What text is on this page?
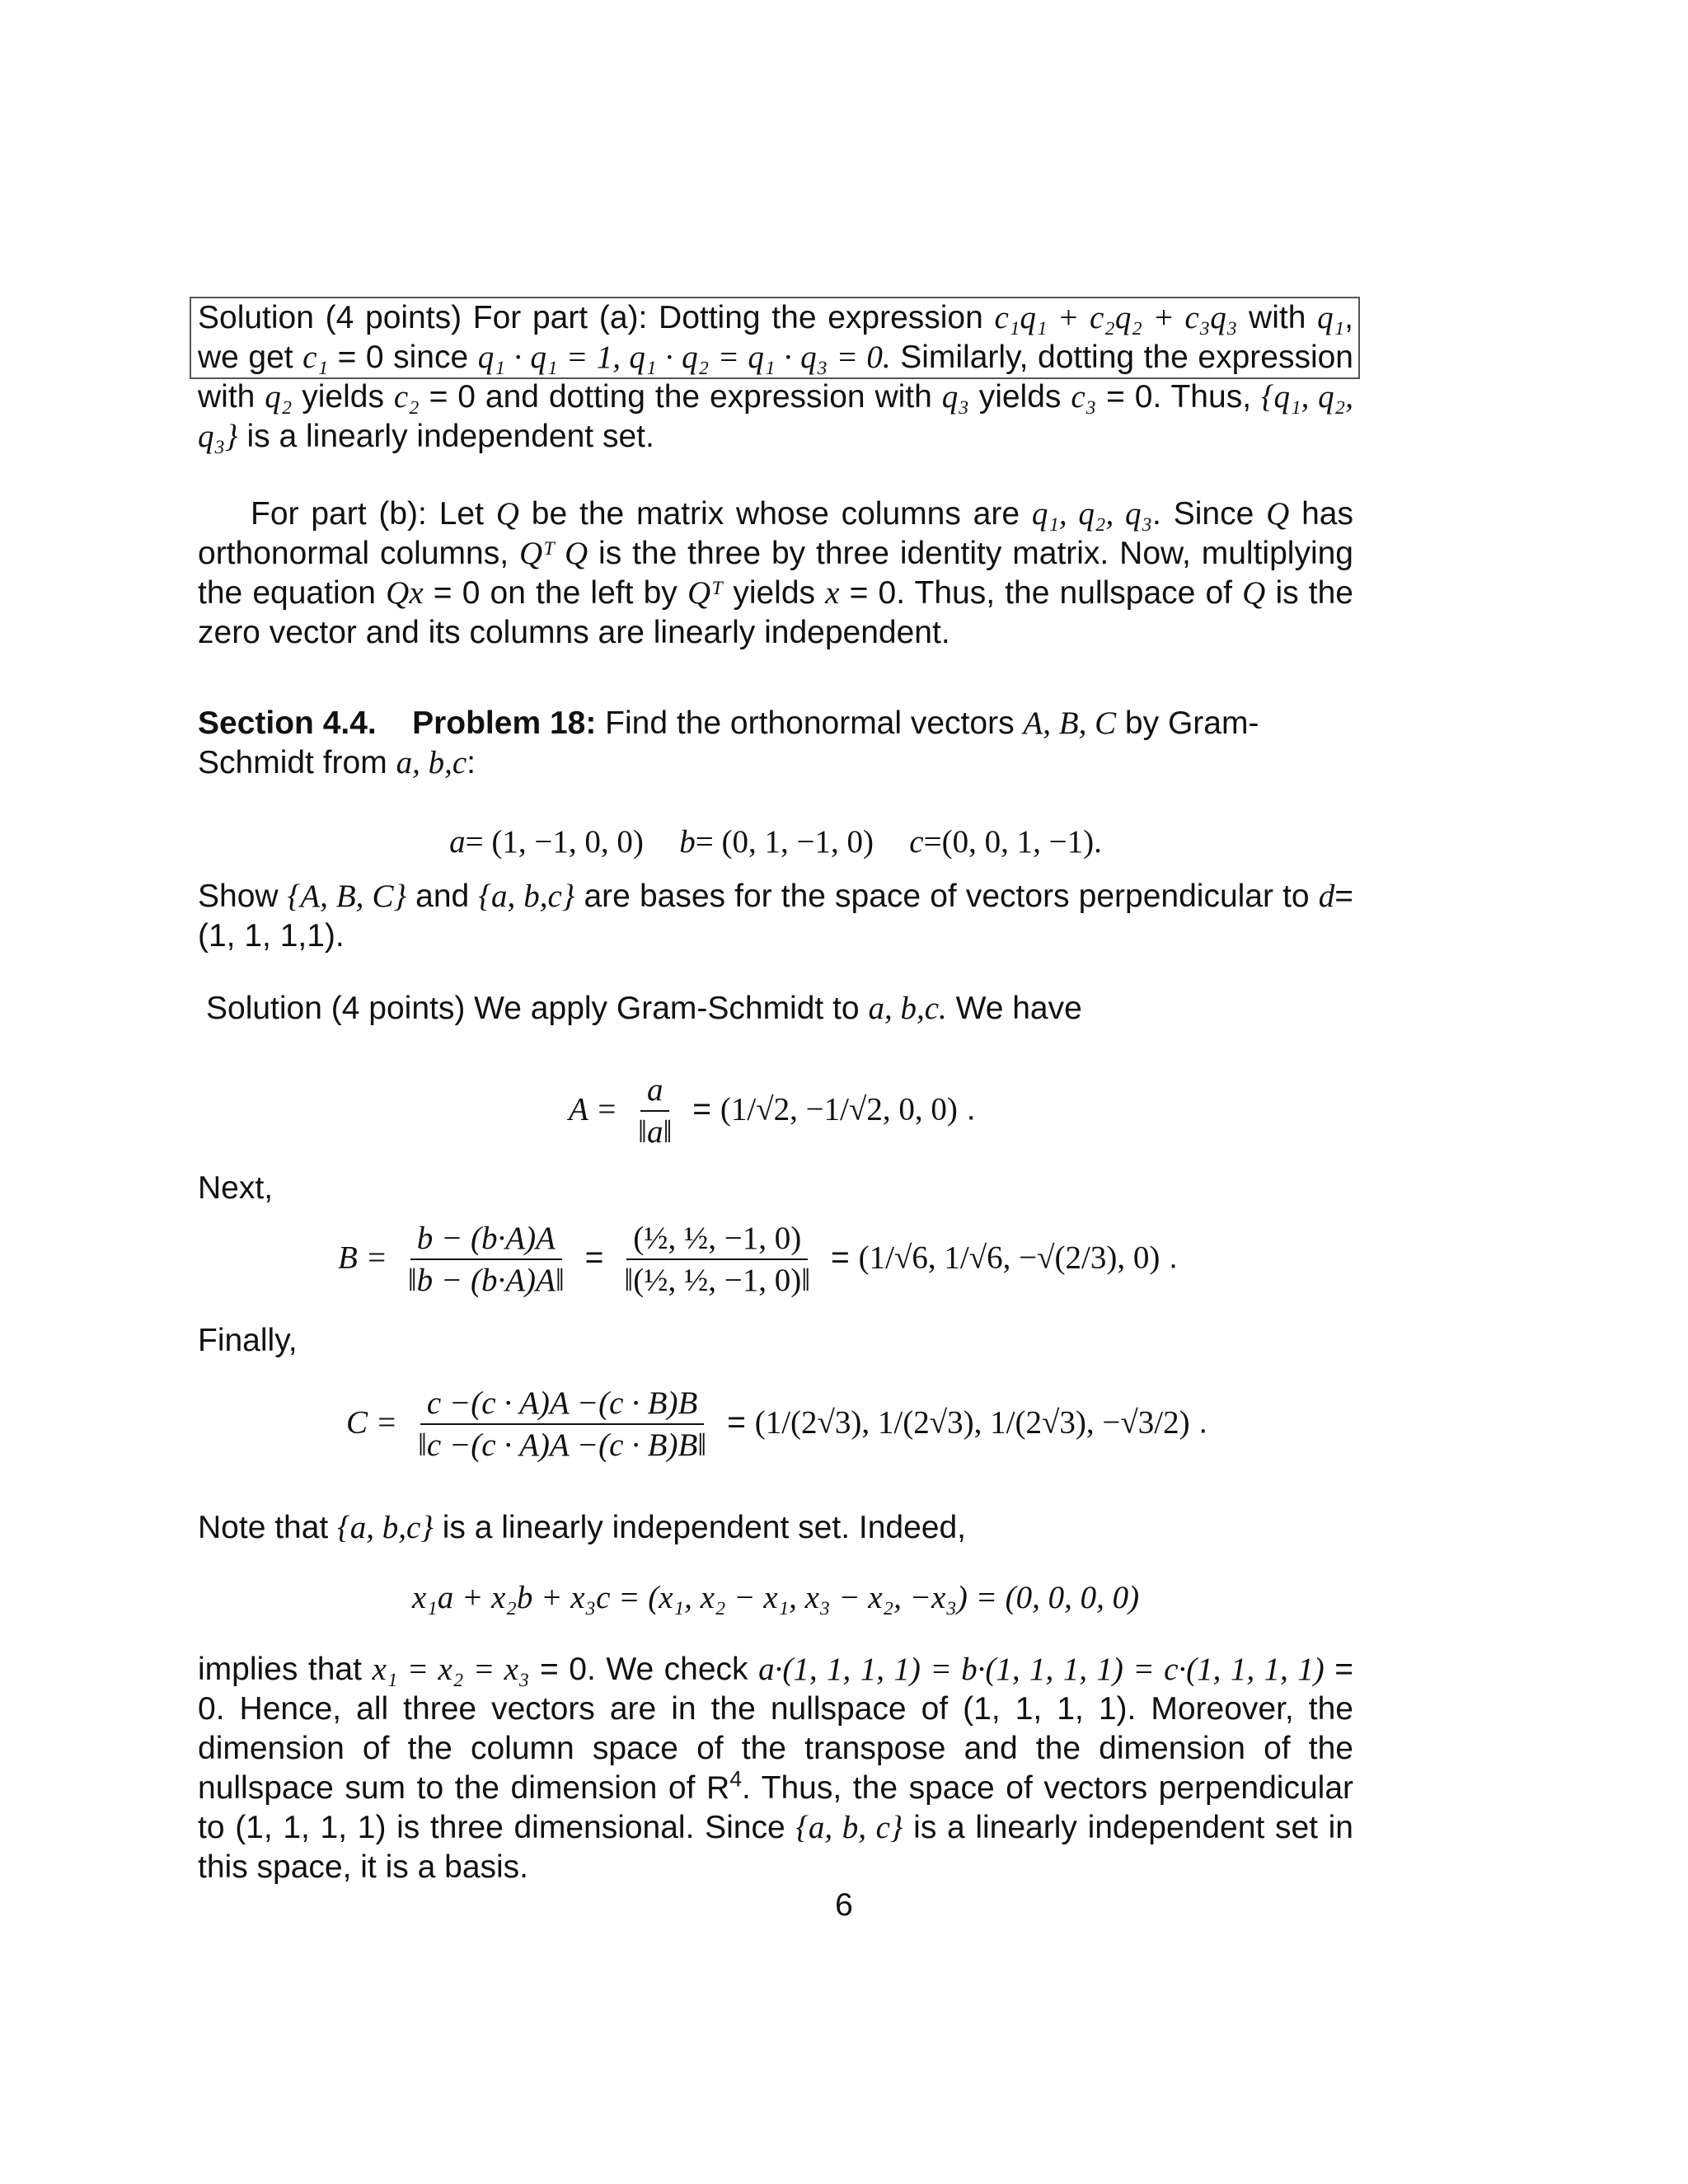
Solution (4 points) For part (a): Dotting the expression c₁q₁ + c₂q₂ + c₃q₃ with q₁, we get c₁ = 0 since q₁ · q₁ = 1, q₁ · q₂ = q₁ · q₃ = 0. Similarly, dotting the expression with q₂ yields c₂ = 0 and dotting the expression with q₃ yields c₃ = 0. Thus, {q₁, q₂, q₃} is a linearly independent set.

For part (b): Let Q be the matrix whose columns are q₁, q₂, q₃. Since Q has orthonormal columns, Qᵀ Q is the three by three identity matrix. Now, multiplying the equation Qx = 0 on the left by Qᵀ yields x = 0. Thus, the nullspace of Q is the zero vector and its columns are linearly independent.

Section 4.4. Problem 18: Find the orthonormal vectors A, B, C by Gram-Schmidt from a, b,c:

a= (1, −1, 0, 0) b= (0, 1, −1, 0) c=(0, 0, 1, −1).

Show {A, B, C} and {a, b,c} are bases for the space of vectors perpendicular to d= (1, 1, 1,1).

Solution (4 points) We apply Gram-Schmidt to a, b,c. We have

$A = \frac{a}{‖a‖} = (1/√2$, −1/√2, 0, 0) .
Next,
$B = \frac{b - (b\cdot A)A}{‖b - (b\cdot A)A‖} = \frac{\text{(½, ½, −1, 0)}}{\text{‖(½, ½, −1, 0)‖}} = (1/√6$, 1/√6, −√(2/3), 0) .
Finally,
$C = \frac{c -(c \cdot A)A -(c \cdot B)B}{‖c -(c \cdot A)A -(c \cdot B)B‖} = (1/(2√3)$, 1/(2√3), 1/(2√3), −√3/2) .

Note that {a, b,c} is a linearly independent set. Indeed,

x₁a + x₂b + x₃c = (x₁, x₂ − x₁, x₃ − x₂, −x₃) = (0, 0, 0, 0)

implies that x₁ = x₂ = x₃ = 0. We check a·(1, 1, 1, 1) = b·(1, 1, 1, 1) = c·(1, 1, 1, 1) = 0. Hence, all three vectors are in the nullspace of (1, 1, 1, 1). Moreover, the dimension of the column space of the transpose and the dimension of the nullspace sum to the dimension of $R^4$. Thus, the space of vectors perpendicular to (1, 1, 1, 1) is three dimensional. Since {a, b, c} is a linearly independent set in this space, it is a basis.

6
